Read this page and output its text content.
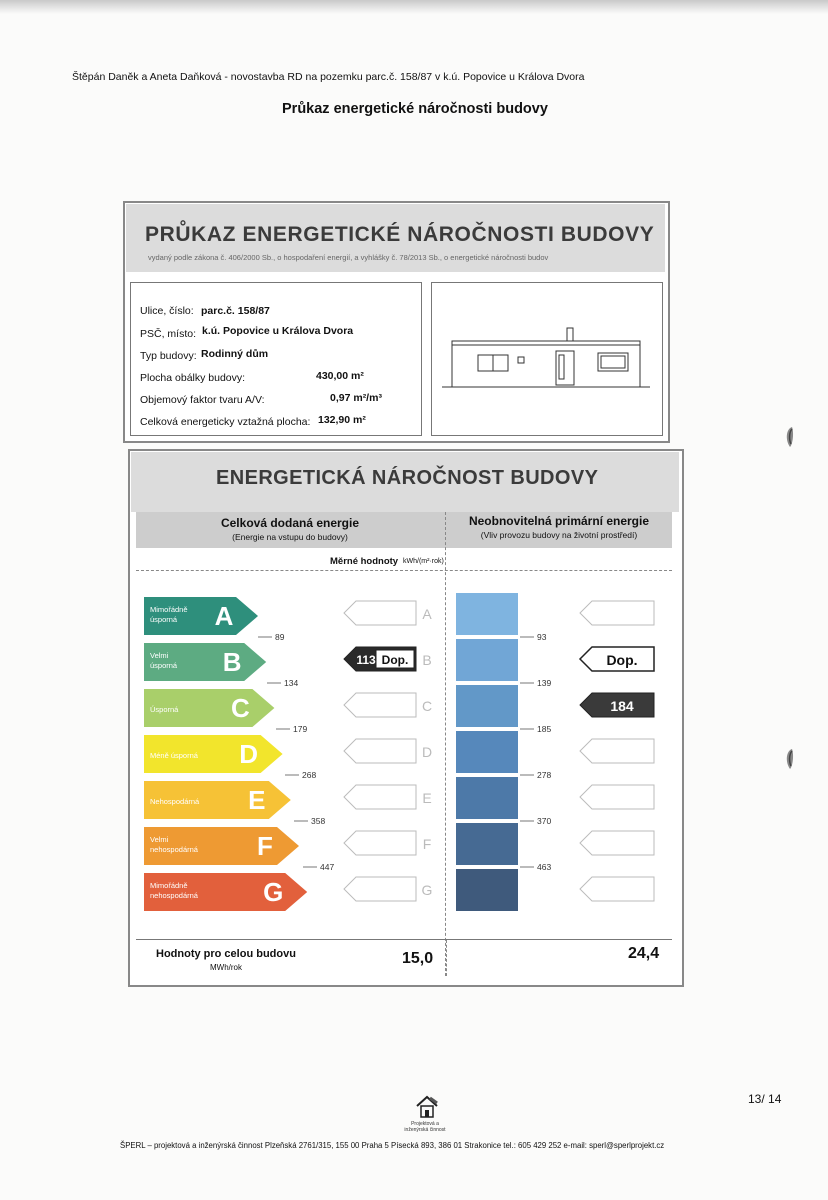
Štěpán Daněk a Aneta Daňková - novostavba RD na pozemku parc.č. 158/87 v k.ú. Popovice u Králova Dvora
Průkaz energetické náročnosti budovy
PRŮKAZ ENERGETICKÉ NÁROČNOSTI BUDOVY
vydaný podle zákona č. 406/2000 Sb., o hospodaření energií, a vyhlášky č. 78/2013 Sb., o energetické náročnosti budov
Ulice, číslo: parc.č. 158/87
PSČ, místo: k.ú. Popovice u Králova Dvora
Typ budovy: Rodinný dům
Plocha obálky budovy:	430,00 m²
Objemový faktor tvaru A/V:	0,97 m²/m³
Celková energeticky vztažná plocha: 132,90 m²
ENERGETICKÁ NÁROČNOST BUDOVY
Celková dodaná energie
(Energie na vstupu do budovy)
Neobnovitelná primární energie
(Vliv provozu budovy na životní prostředí)
Měrné hodnoty kWh/(m²·rok)
Mimořádně
úsporná A	A
Velmi
úsporná B	113 Dop. B	Dop.
Úsporná C	C	184
Méně úsporná D	D
Nehospodárná E	E
Velmi
nehospodárná F	F
Mimořádně
nehospodárná	G	G
89
134
179
268
358
447
93
139
185
278
370
463
Hodnoty pro celou budovu
MWh/rok
15,0	24,4
Projektová a inženýrská činnost
13/ 14
ŠPERL – projektová a inženýrská činnost Plzeňská 2761/315, 155 00 Praha 5 Písecká 893, 386 01 Strakonice tel.: 605 429 252 e-mail: sperl@sperlprojekt.cz
